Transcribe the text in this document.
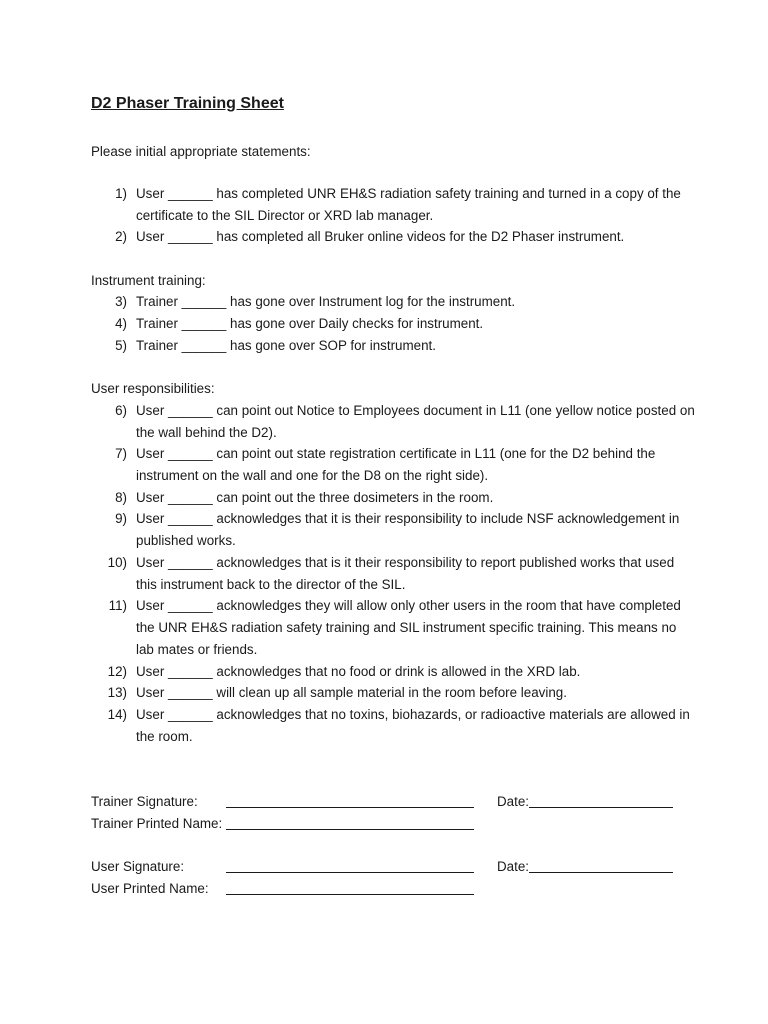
D2 Phaser Training Sheet
Please initial appropriate statements:
1) User ______ has completed UNR EH&S radiation safety training and turned in a copy of the certificate to the SIL Director or XRD lab manager.
2) User ______ has completed all Bruker online videos for the D2 Phaser instrument.
Instrument training:
3) Trainer ______ has gone over Instrument log for the instrument.
4) Trainer ______ has gone over Daily checks for instrument.
5) Trainer ______ has gone over SOP for instrument.
User responsibilities:
6) User ______ can point out Notice to Employees document in L11 (one yellow notice posted on the wall behind the D2).
7) User ______ can point out state registration certificate in L11 (one for the D2 behind the instrument on the wall and one for the D8 on the right side).
8) User ______ can point out the three dosimeters in the room.
9) User ______ acknowledges that it is their responsibility to include NSF acknowledgement in published works.
10) User ______ acknowledges that is it their responsibility to report published works that used this instrument back to the director of the SIL.
11) User ______ acknowledges they will allow only other users in the room that have completed the UNR EH&S radiation safety training and SIL instrument specific training. This means no lab mates or friends.
12) User ______ acknowledges that no food or drink is allowed in the XRD lab.
13) User ______ will clean up all sample material in the room before leaving.
14) User ______ acknowledges that no toxins, biohazards, or radioactive materials are allowed in the room.
Trainer Signature:	Date:
Trainer Printed Name:
User Signature:	Date:
User Printed Name:
